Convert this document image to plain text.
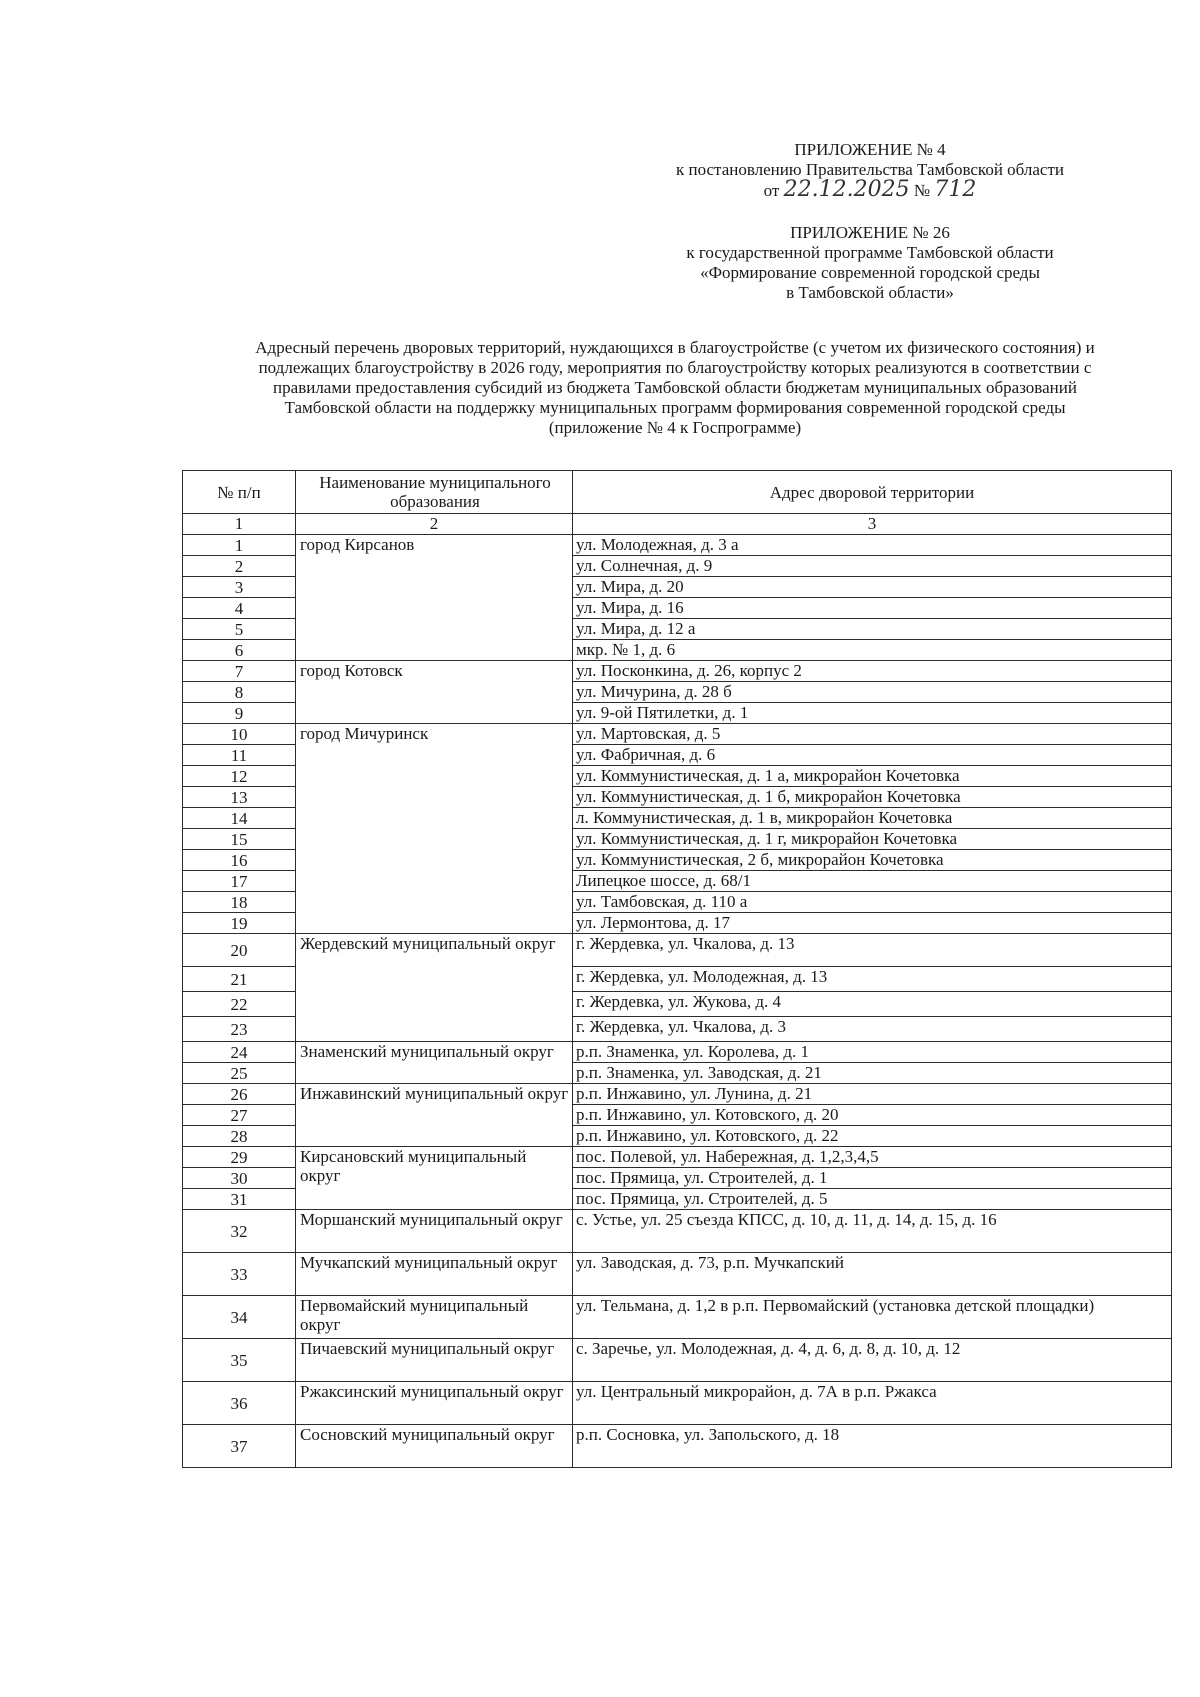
ПРИЛОЖЕНИЕ № 4

к постановлению Правительства Тамбовской области

от 22.12.2025 № 712

ПРИЛОЖЕНИЕ № 26

к государственной программе Тамбовской области

«Формирование современной городской среды

в Тамбовской области»

Адресный перечень дворовых территорий, нуждающихся в благоустройстве (с учетом их физического состояния) и

подлежащих благоустройству в 2026 году, мероприятия по благоустройству которых реализуются в соответствии с

правилами предоставления субсидий из бюджета Тамбовской области бюджетам муниципальных образований

Тамбовской области на поддержку муниципальных программ формирования современной городской среды

(приложение № 4 к Госпрограмме)

№ п/п	Наименование муниципального образования	Адрес дворовой территории
1	2	3
1	город Кирсанов	ул. Молодежная, д. 3 а
2		ул. Солнечная, д. 9
3		ул. Мира, д. 20
4		ул. Мира, д. 16
5		ул. Мира, д. 12 а
6		мкр. № 1, д. 6
7	город Котовск	ул. Посконкина, д. 26, корпус 2
8		ул. Мичурина, д. 28 б
9		ул. 9-ой Пятилетки, д. 1
10	город Мичуринск	ул. Мартовская, д. 5
11		ул. Фабричная, д. 6
12		ул. Коммунистическая, д. 1 а, микрорайон Кочетовка
13		ул. Коммунистическая, д. 1 б, микрорайон Кочетовка
14		л. Коммунистическая, д. 1 в, микрорайон Кочетовка
15		ул. Коммунистическая, д. 1 г, микрорайон Кочетовка
16		ул. Коммунистическая, 2 б, микрорайон Кочетовка
17		Липецкое шоссе, д. 68/1
18		ул. Тамбовская, д. 110 а
19		ул. Лермонтова, д. 17
20	Жердевский муниципальный округ	г. Жердевка, ул. Чкалова, д. 13
21		г. Жердевка, ул. Молодежная, д. 13
22		г. Жердевка, ул. Жукова, д. 4
23		г. Жердевка, ул. Чкалова, д. 3
24	Знаменский муниципальный округ	р.п. Знаменка, ул. Королева, д. 1
25		р.п. Знаменка, ул. Заводская, д. 21
26	Инжавинский муниципальный округ	р.п. Инжавино, ул. Лунина, д. 21
27		р.п. Инжавино, ул. Котовского, д. 20
28		р.п. Инжавино, ул. Котовского, д. 22
29	Кирсановский муниципальный округ	пос. Полевой, ул. Набережная, д. 1,2,3,4,5
30		пос. Прямица, ул. Строителей, д. 1
31		пос. Прямица, ул. Строителей, д. 5
32	Моршанский муниципальный округ	с. Устье, ул. 25 съезда КПСС, д. 10, д. 11, д. 14, д. 15, д. 16
33	Мучкапский муниципальный округ	ул. Заводская, д. 73, р.п. Мучкапский
34	Первомайский муниципальный округ	ул. Тельмана, д. 1,2 в р.п. Первомайский (установка детской площадки)
35	Пичаевский муниципальный округ	с. Заречье, ул. Молодежная, д. 4, д. 6, д. 8, д. 10, д. 12
36	Ржаксинский муниципальный округ	ул. Центральный микрорайон, д. 7А в р.п. Ржакса
37	Сосновский муниципальный округ	р.п. Сосновка, ул. Запольского, д. 18
